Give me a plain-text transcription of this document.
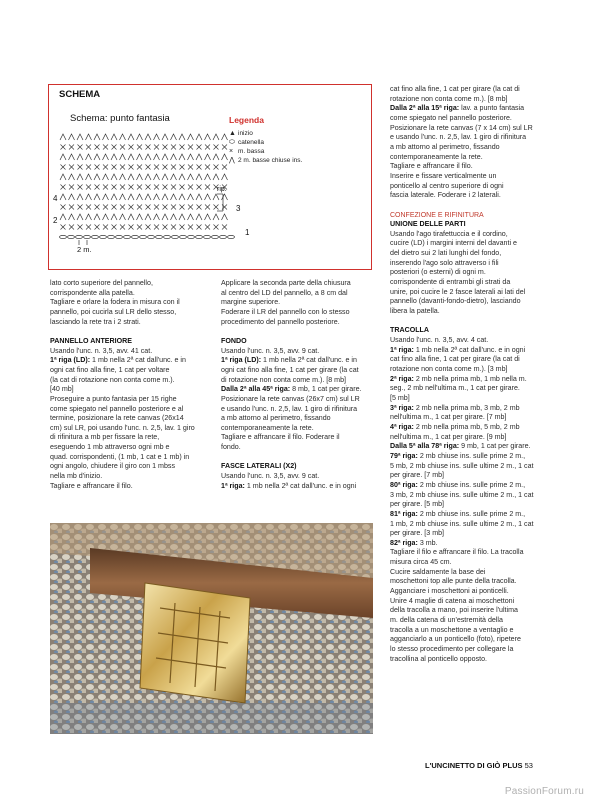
SCHEMA
Schema: punto fantasia
4
3
2
1
rip.
2 m.
Legenda
▲ inizio
⬭ catenella
× m. bassa
⋀ 2 m. basse chiuse ins.

lato corto superiore del pannello,

corrispondente alla patella.

Tagliare e orlare la fodera in misura con il

pannello, poi cucirla sul LR dello stesso,

lasciando la rete tra i 2 strati.

PANNELLO ANTERIORE

Usando l'unc. n. 3,5, avv. 41 cat.

1ª riga (LD): 1 mb nella 2ª cat dall'unc. e in

ogni cat fino alla fine, 1 cat per voltare

(la cat di rotazione non conta come m.).

[40 mb]

Proseguire a punto fantasia per 15 righe

come spiegato nel pannello posteriore e al

termine, posizionare la rete canvas (26x14

cm) sul LR, poi usando l'unc. n. 2,5, lav. 1 giro

di rifinitura a mb per fissare la rete,

eseguendo 1 mb attraverso ogni mb e

quad. corrispondenti, (1 mb, 1 cat e 1 mb) in

ogni angolo, chiudere il giro con 1 mbss

nella mb d'inizio.

Tagliare e affrancare il filo.

Applicare la seconda parte della chiusura

al centro del LD del pannello, a 8 cm dal

margine superiore.

Foderare il LR del pannello con lo stesso

procedimento del pannello posteriore.

FONDO

Usando l'unc. n. 3,5, avv. 9 cat.

1ª riga (LD): 1 mb nella 2ª cat dall'unc. e in

ogni cat fino alla fine, 1 cat per girare (la cat

di rotazione non conta come m.). [8 mb]

Dalla 2ª alla 45ª riga: 8 mb, 1 cat per girare.

Posizionare la rete canvas (26x7 cm) sul LR

e usando l'unc. n. 2,5, lav. 1 giro di rifinitura

a mb attorno al perimetro, fissando

contemporaneamente la rete.

Tagliare e affrancare il filo. Foderare il

fondo.

FASCE LATERALI (X2)

Usando l'unc. n. 3,5, avv. 9 cat.

1ª riga: 1 mb nella 2ª cat dall'unc. e in ogni

cat fino alla fine, 1 cat per girare (la cat di

rotazione non conta come m.). [8 mb]

Dalla 2ª alla 15ª riga: lav. a punto fantasia

come spiegato nel pannello posteriore.

Posizionare la rete canvas (7 x 14 cm) sul LR

e usando l'unc. n. 2,5, lav. 1 giro di rifinitura

a mb attorno al perimetro, fissando

contemporaneamente la rete.

Tagliare e affrancare il filo.

Inserire e fissare verticalmente un

ponticello al centro superiore di ogni

fascia laterale. Foderare i 2 laterali.

CONFEZIONE E RIFINITURA

UNIONE DELLE PARTI

Usando l'ago tirafettuccia e il cordino,

cucire (LD) i margini interni del davanti e

del dietro sui 2 lati lunghi del fondo,

inserendo l'ago solo attraverso i fili

posteriori (o esterni) di ogni m.

corrispondente di entrambi gli strati da

unire, poi cucire le 2 fasce laterali ai lati del

pannello (davanti-fondo-dietro), lasciando

libera la patella.

TRACOLLA

Usando l'unc. n. 3,5, avv. 4 cat.

1ª riga: 1 mb nella 2ª cat dall'unc. e in ogni

cat fino alla fine, 1 cat per girare (la cat di

rotazione non conta come m.). [3 mb]

2ª riga: 2 mb nella prima mb, 1 mb nella m.

seg., 2 mb nell'ultima m., 1 cat per girare.

[5 mb]

3ª riga: 2 mb nella prima mb, 3 mb, 2 mb

nell'ultima m., 1 cat per girare. [7 mb]

4ª riga: 2 mb nella prima mb, 5 mb, 2 mb

nell'ultima m., 1 cat per girare. [9 mb]

Dalla 5ª alla 78ª riga: 9 mb, 1 cat per girare.

79ª riga: 2 mb chiuse ins. sulle prime 2 m.,

5 mb, 2 mb chiuse ins. sulle ultime 2 m., 1 cat

per girare. [7 mb]

80ª riga: 2 mb chiuse ins. sulle prime 2 m.,

3 mb, 2 mb chiuse ins. sulle ultime 2 m., 1 cat

per girare. [5 mb]

81ª riga: 2 mb chiuse ins. sulle prime 2 m.,

1 mb, 2 mb chiuse ins. sulle ultime 2 m., 1 cat

per girare. [3 mb]

82ª riga: 3 mb.

Tagliare il filo e affrancare il filo. La tracolla

misura circa 45 cm.

Cucire saldamente la base dei

moschettoni top alle punte della tracolla.

Agganciare i moschettoni ai ponticelli.

Unire 4 maglie di catena ai moschettoni

della tracolla a mano, poi inserire l'ultima

m. della catena di un'estremità della

tracolla a un moschettone a ventaglio e

agganciarlo a un ponticello (foto), ripetere

lo stesso procedimento per collegare la

tracollina al ponticello opposto.

L'UNCINETTO DI GIÒ PLUS 53
PassionForum.ru
